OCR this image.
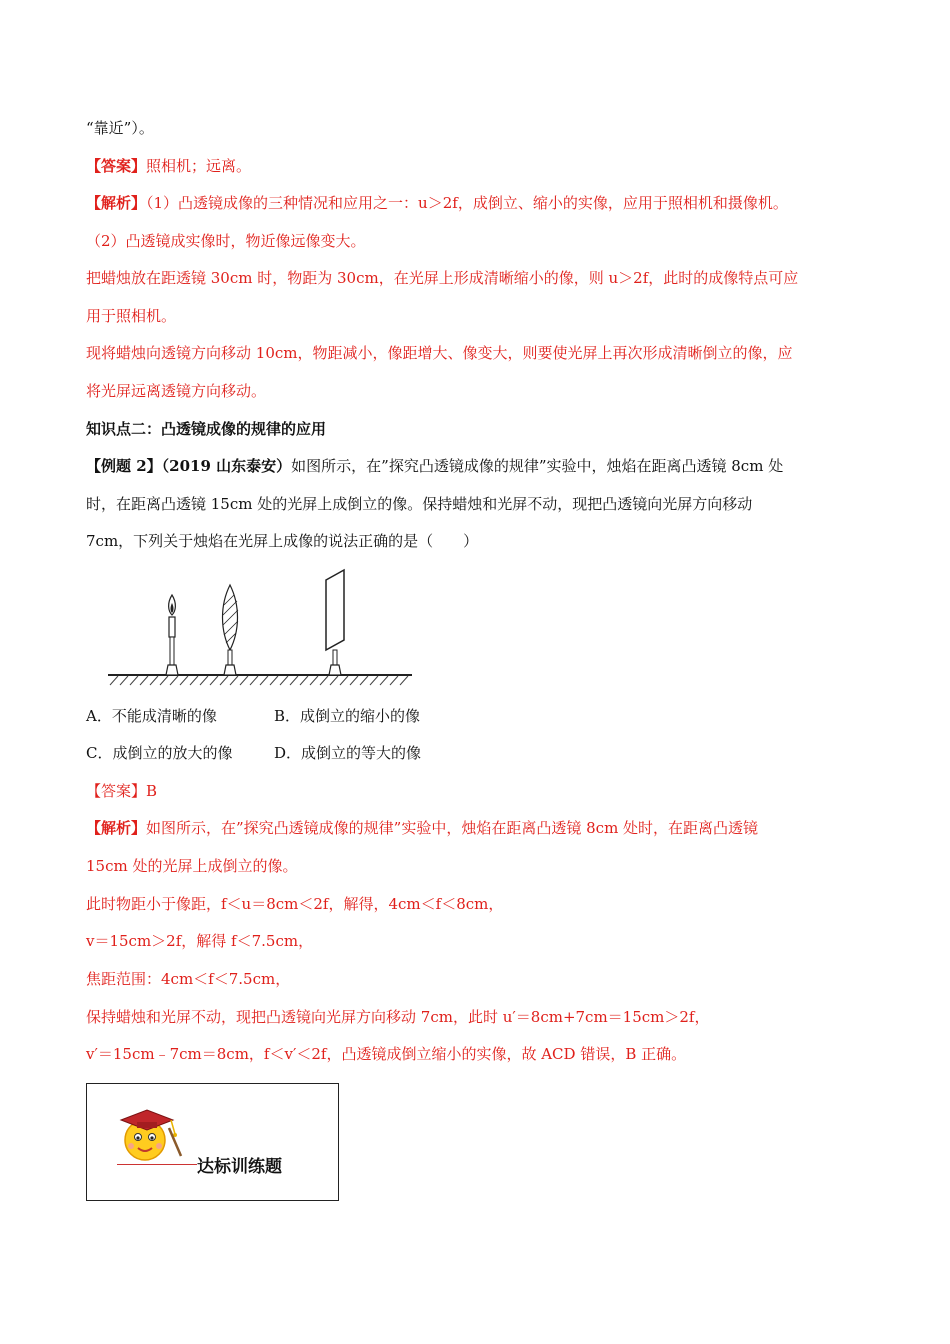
“靠近”）。
【答案】照相机；远离。
【解析】（1）凸透镜成像的三种情况和应用之一：u＞2f，成倒立、缩小的实像，应用于照相机和摄像机。
（2）凸透镜成实像时，物近像远像变大。
把蜡烛放在距透镜 30cm 时，物距为 30cm，在光屏上形成清晰缩小的像，则 u＞2f，此时的成像特点可应
用于照相机。
现将蜡烛向透镜方向移动 10cm，物距减小，像距增大、像变大，则要使光屏上再次形成清晰倒立的像，应
将光屏远离透镜方向移动。
知识点二：凸透镜成像的规律的应用
【例题 2】（2019 山东泰安）如图所示，在”探究凸透镜成像的规律”实验中，烛焰在距离凸透镜 8cm 处
时，在距离凸透镜 15cm 处的光屏上成倒立的像。保持蜡烛和光屏不动，现把凸透镜向光屏方向移动
7cm，下列关于烛焰在光屏上成像的说法正确的是（　　）
A．不能成清晰的像	B．成倒立的缩小的像
C．成倒立的放大的像	D．成倒立的等大的像
【答案】B
【解析】如图所示，在”探究凸透镜成像的规律”实验中，烛焰在距离凸透镜 8cm 处时，在距离凸透镜
15cm 处的光屏上成倒立的像。
此时物距小于像距，f＜u＝8cm＜2f，解得，4cm＜f＜8cm，
v＝15cm＞2f，解得 f＜7.5cm，
焦距范围：4cm＜f＜7.5cm，
保持蜡烛和光屏不动，现把凸透镜向光屏方向移动 7cm，此时 u′＝8cm+7cm＝15cm＞2f，
v′＝15cm﹣7cm＝8cm，f＜v′＜2f，凸透镜成倒立缩小的实像，故 ACD 错误，B 正确。
达标训练题
